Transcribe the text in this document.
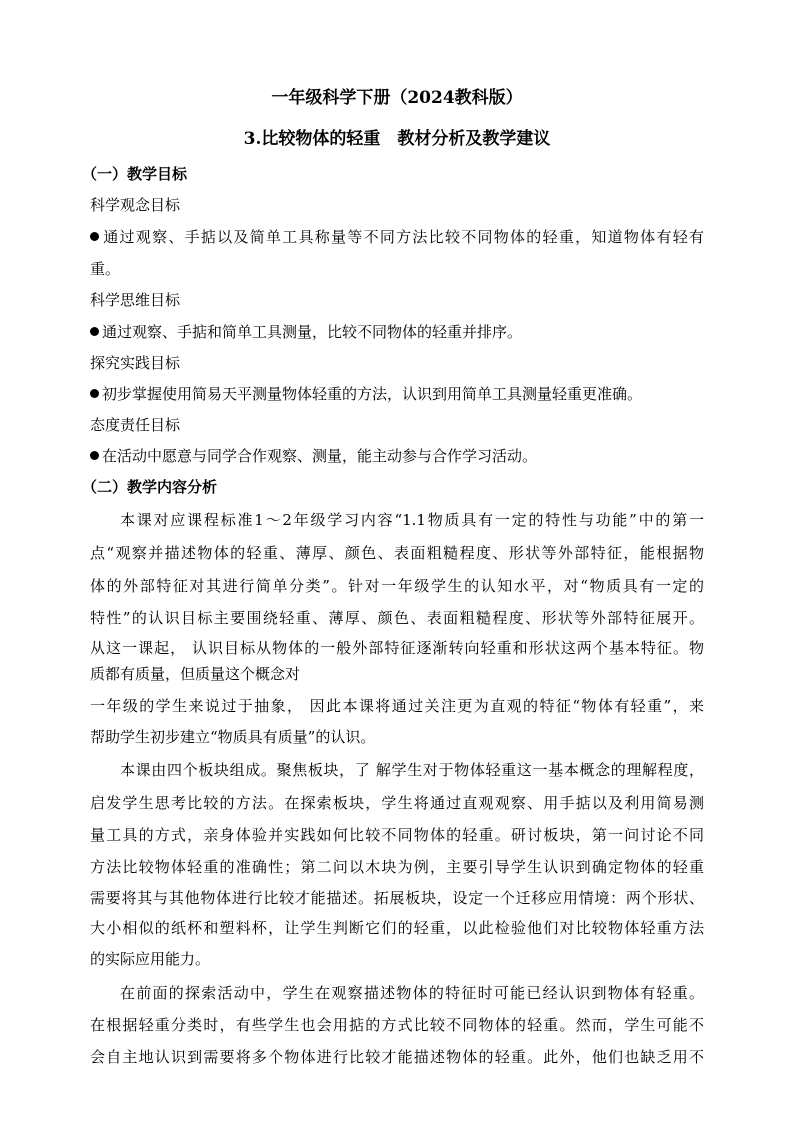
一年级科学下册（2024教科版）
3.比较物体的轻重　教材分析及教学建议
（一）教学目标
科学观念目标
通过观察、手掂以及简单工具称量等不同方法比较不同物体的轻重，知道物体有轻有
重。
科学思维目标
通过观察、手掂和简单工具测量，比较不同物体的轻重并排序。
探究实践目标
初步掌握使用简易天平测量物体轻重的方法，认识到用简单工具测量轻重更准确。
态度责任目标
在活动中愿意与同学合作观察、测量，能主动参与合作学习活动。
（二）教学内容分析
本课对应课程标准1～2年级学习内容“1.1物质具有一定的特性与功能”中的第一
点“观察并描述物体的轻重、薄厚、颜色、表面粗糙程度、形状等外部特征，能根据物
体的外部特征对其进行简单分类”。针对一年级学生的认知水平，对“物质具有一定的
特性”的认识目标主要围绕轻重、薄厚、颜色、表面粗糙程度、形状等外部特征展开。
从这一课起， 认识目标从物体的一般外部特征逐渐转向轻重和形状这两个基本特征。物
质都有质量，但质量这个概念对
一年级的学生来说过于抽象， 因此本课将通过关注更为直观的特征“物体有轻重”，来
帮助学生初步建立“物质具有质量”的认识。
本课由四个板块组成。聚焦板块，了 解学生对于物体轻重这一基本概念的理解程度，
启发学生思考比较的方法。在探索板块，学生将通过直观观察、用手掂以及利用简易测
量工具的方式，亲身体验并实践如何比较不同物体的轻重。研讨板块，第一问讨论不同
方法比较物体轻重的准确性；第二问以木块为例，主要引导学生认识到确定物体的轻重
需要将其与其他物体进行比较才能描述。拓展板块，设定一个迁移应用情境：两个形状、
大小相似的纸杯和塑料杯，让学生判断它们的轻重，以此检验他们对比较物体轻重方法
的实际应用能力。
在前面的探索活动中，学生在观察描述物体的特征时可能已经认识到物体有轻重。
在根据轻重分类时，有些学生也会用掂的方式比较不同物体的轻重。然而，学生可能不
会自主地认识到需要将多个物体进行比较才能描述物体的轻重。此外，他们也缺乏用不
